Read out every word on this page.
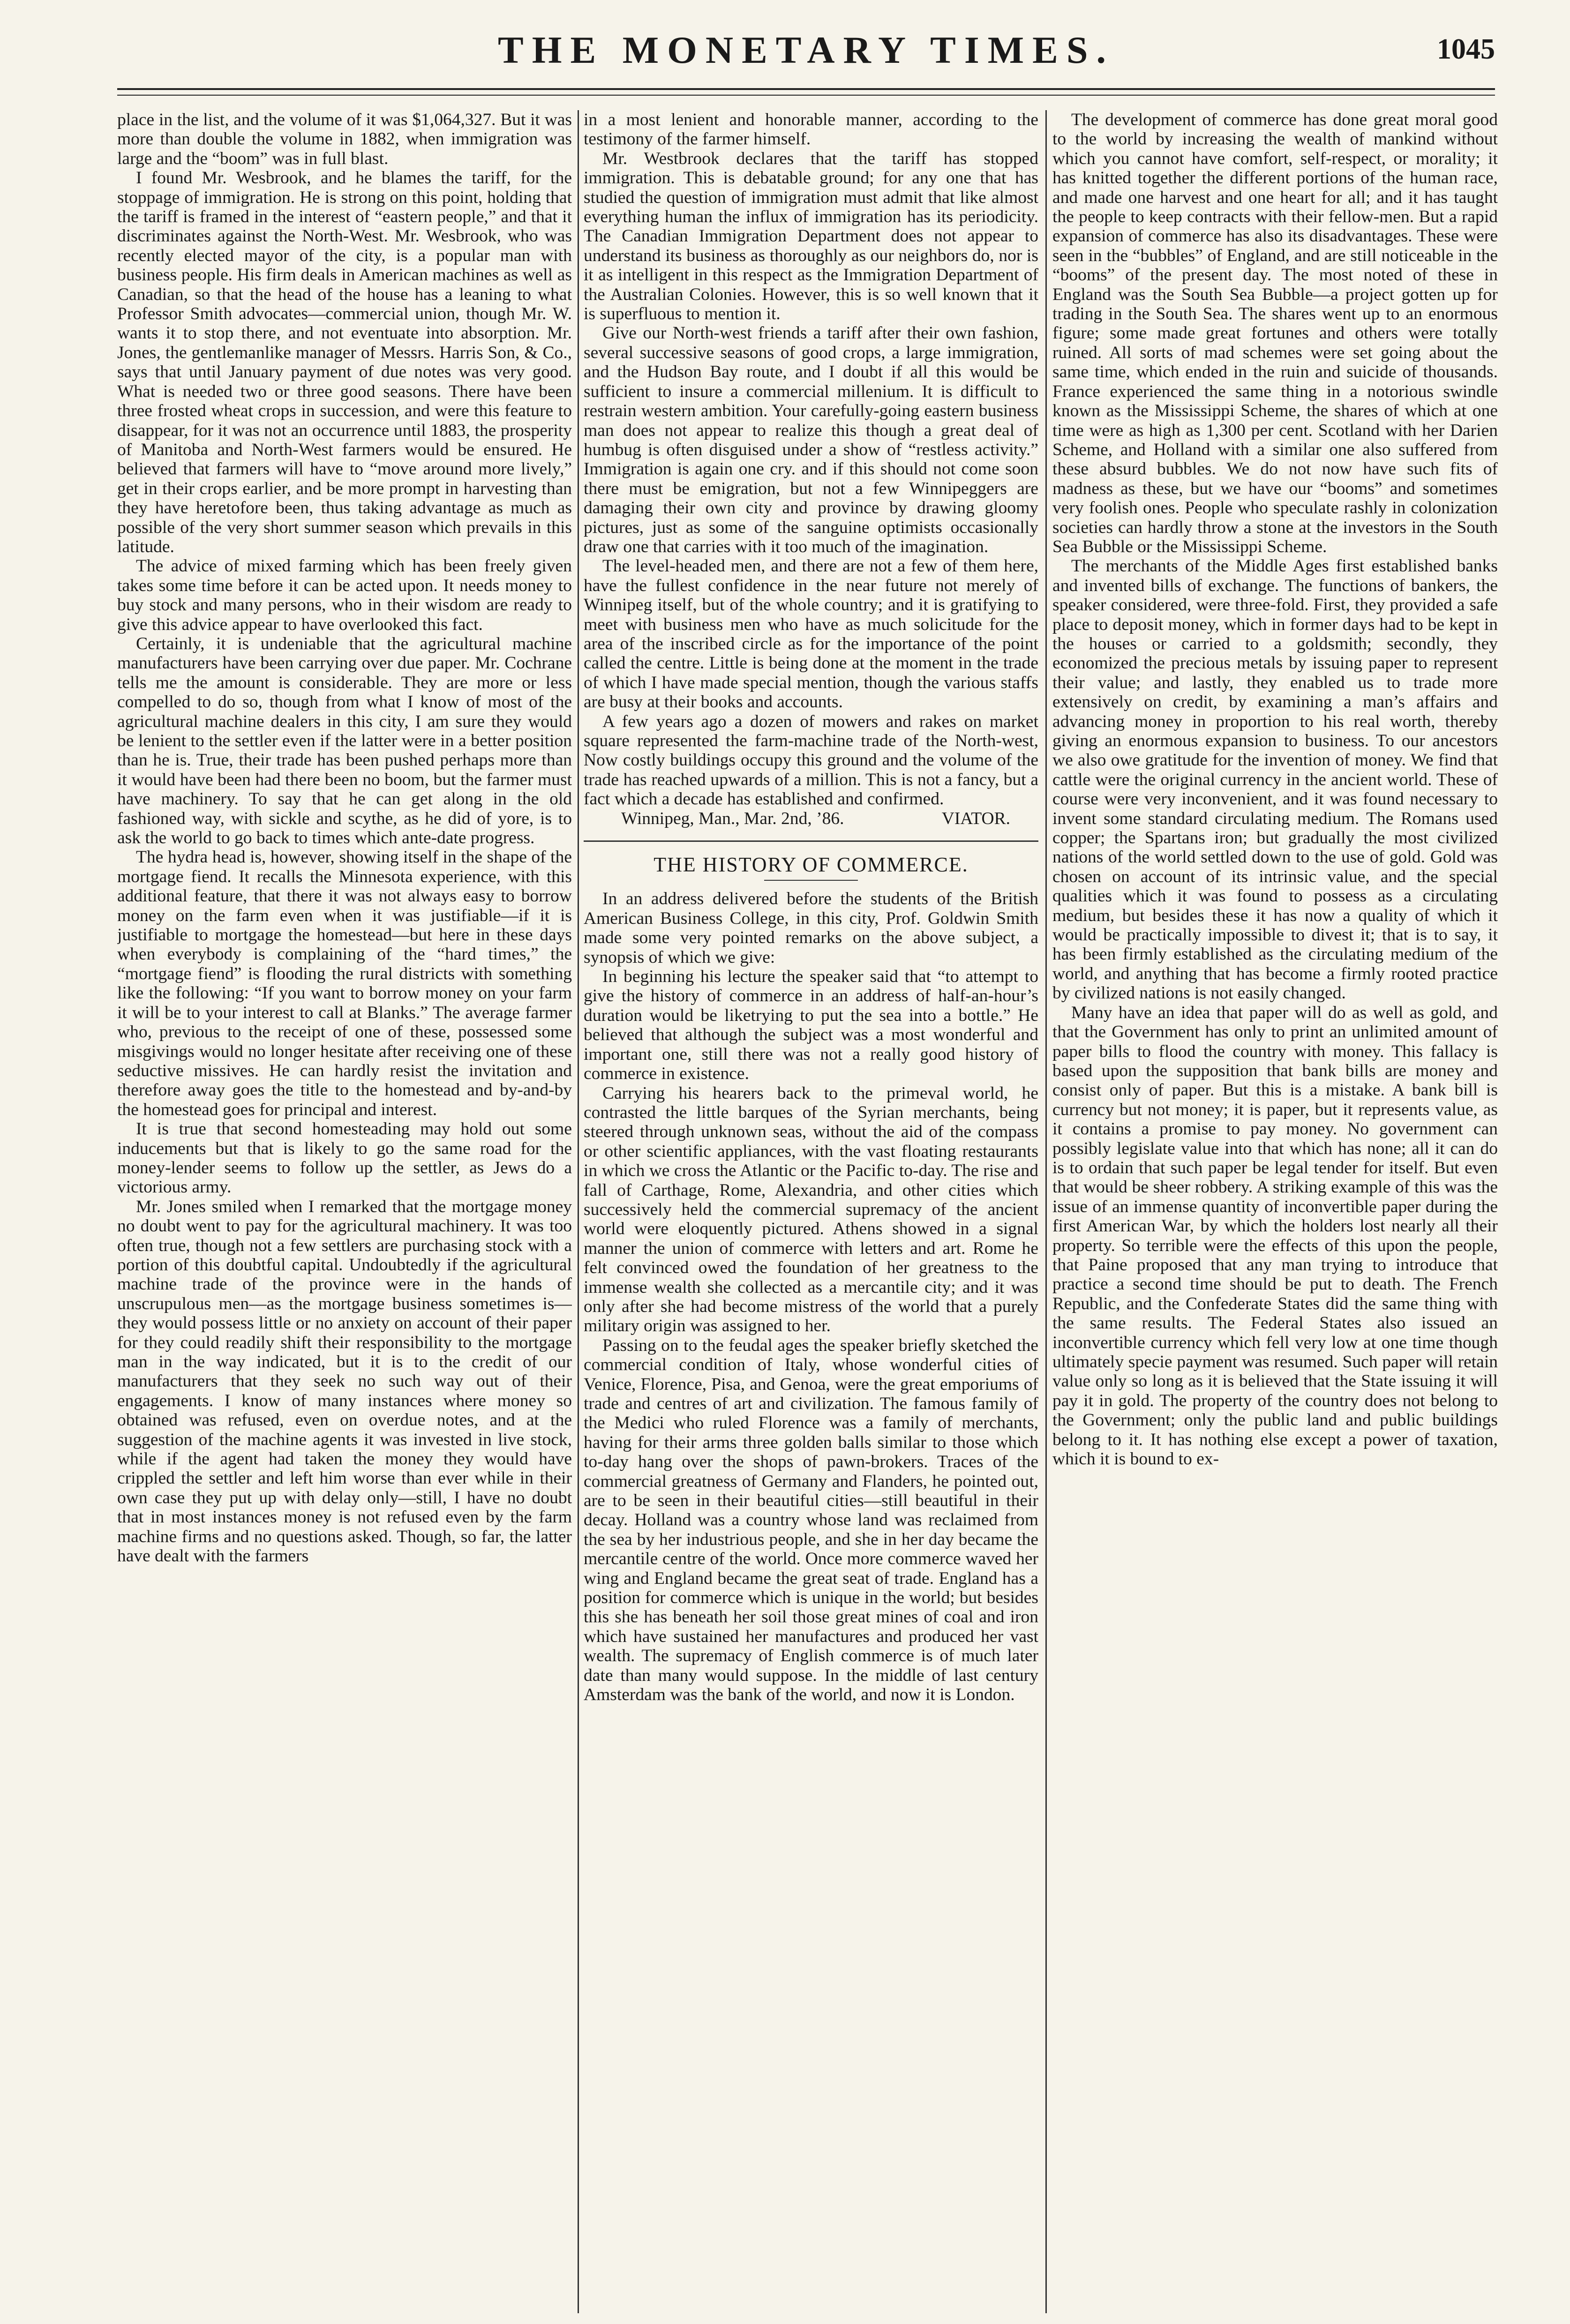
THE MONETARY TIMES.	1045

place in the list, and the volume of it was $1,064,327. But it was more than double the volume in 1882, when immigration was large and the “boom” was in full blast.

I found Mr. Wesbrook, and he blames the tariff, for the stoppage of immigration. He is strong on this point, holding that the tariff is framed in the interest of “eastern people,” and that it discriminates against the North-West. Mr. Wesbrook, who was recently elected mayor of the city, is a popular man with business people. His firm deals in American machines as well as Canadian, so that the head of the house has a leaning to what Professor Smith advocates—commercial union, though Mr. W. wants it to stop there, and not eventuate into absorption. Mr. Jones, the gentlemanlike manager of Messrs. Harris Son, & Co., says that until January payment of due notes was very good. What is needed two or three good seasons. There have been three frosted wheat crops in succession, and were this feature to disappear, for it was not an occurrence until 1883, the prosperity of Manitoba and North-West farmers would be ensured. He believed that farmers will have to “move around more lively,” get in their crops earlier, and be more prompt in harvesting than they have heretofore been, thus taking advantage as much as possible of the very short summer season which prevails in this latitude.

The advice of mixed farming which has been freely given takes some time before it can be acted upon. It needs money to buy stock and many persons, who in their wisdom are ready to give this advice appear to have overlooked this fact.

Certainly, it is undeniable that the agricultural machine manufacturers have been carrying over due paper. Mr. Cochrane tells me the amount is considerable. They are more or less compelled to do so, though from what I know of most of the agricultural machine dealers in this city, I am sure they would be lenient to the settler even if the latter were in a better position than he is. True, their trade has been pushed perhaps more than it would have been had there been no boom, but the farmer must have machinery. To say that he can get along in the old fashioned way, with sickle and scythe, as he did of yore, is to ask the world to go back to times which ante-date progress.

The hydra head is, however, showing itself in the shape of the mortgage fiend. It recalls the Minnesota experience, with this additional feature, that there it was not always easy to borrow money on the farm even when it was justifiable—if it is justifiable to mortgage the homestead—but here in these days when everybody is complaining of the “hard times,” the “mortgage fiend” is flooding the rural districts with something like the following: “If you want to borrow money on your farm it will be to your interest to call at Blanks.” The average farmer who, previous to the receipt of one of these, possessed some misgivings would no longer hesitate after receiving one of these seductive missives. He can hardly resist the invitation and therefore away goes the title to the homestead and by-and-by the homestead goes for principal and interest.

It is true that second homesteading may hold out some inducements but that is likely to go the same road for the money-lender seems to follow up the settler, as Jews do a victorious army.

Mr. Jones smiled when I remarked that the mortgage money no doubt went to pay for the agricultural machinery. It was too often true, though not a few settlers are purchasing stock with a portion of this doubtful capital. Undoubtedly if the agricultural machine trade of the province were in the hands of unscrupulous men—as the mortgage business sometimes is—they would possess little or no anxiety on account of their paper for they could readily shift their responsibility to the mortgage man in the way indicated, but it is to the credit of our manufacturers that they seek no such way out of their engagements. I know of many instances where money so obtained was refused, even on overdue notes, and at the suggestion of the machine agents it was invested in live stock, while if the agent had taken the money they would have crippled the settler and left him worse than ever while in their own case they put up with delay only—still, I have no doubt that in most instances money is not refused even by the farm machine firms and no questions asked. Though, so far, the latter have dealt with the farmers

in a most lenient and honorable manner, according to the testimony of the farmer himself.

Mr. Westbrook declares that the tariff has stopped immigration. This is debatable ground; for any one that has studied the question of immigration must admit that like almost everything human the influx of immigration has its periodicity. The Canadian Immigration Department does not appear to understand its business as thoroughly as our neighbors do, nor is it as intelligent in this respect as the Immigration Department of the Australian Colonies. However, this is so well known that it is superfluous to mention it.

Give our North-west friends a tariff after their own fashion, several successive seasons of good crops, a large immigration, and the Hudson Bay route, and I doubt if all this would be sufficient to insure a commercial millenium. It is difficult to restrain western ambition. Your carefully-going eastern business man does not appear to realize this though a great deal of humbug is often disguised under a show of “restless activity.” Immigration is again one cry. and if this should not come soon there must be emigration, but not a few Winnipeggers are damaging their own city and province by drawing gloomy pictures, just as some of the sanguine optimists occasionally draw one that carries with it too much of the imagination.

The level-headed men, and there are not a few of them here, have the fullest confidence in the near future not merely of Winnipeg itself, but of the whole country; and it is gratifying to meet with business men who have as much solicitude for the area of the inscribed circle as for the importance of the point called the centre. Little is being done at the moment in the trade of which I have made special mention, though the various staffs are busy at their books and accounts.

A few years ago a dozen of mowers and rakes on market square represented the farm-machine trade of the North-west, Now costly buildings occupy this ground and the volume of the trade has reached upwards of a million. This is not a fancy, but a fact which a decade has established and confirmed.

Winnipeg, Man., Mar. 2nd, ’86.	VIATOR.

THE HISTORY OF COMMERCE.

In an address delivered before the students of the British American Business College, in this city, Prof. Goldwin Smith made some very pointed remarks on the above subject, a synopsis of which we give:

In beginning his lecture the speaker said that “to attempt to give the history of commerce in an address of half-an-hour’s duration would be liketrying to put the sea into a bottle.” He believed that although the subject was a most wonderful and important one, still there was not a really good history of commerce in existence.

Carrying his hearers back to the primeval world, he contrasted the little barques of the Syrian merchants, being steered through unknown seas, without the aid of the compass or other scientific appliances, with the vast floating restaurants in which we cross the Atlantic or the Pacific to-day. The rise and fall of Carthage, Rome, Alexandria, and other cities which successively held the commercial supremacy of the ancient world were eloquently pictured. Athens showed in a signal manner the union of commerce with letters and art. Rome he felt convinced owed the foundation of her greatness to the immense wealth she collected as a mercantile city; and it was only after she had become mistress of the world that a purely military origin was assigned to her.

Passing on to the feudal ages the speaker briefly sketched the commercial condition of Italy, whose wonderful cities of Venice, Florence, Pisa, and Genoa, were the great emporiums of trade and centres of art and civilization. The famous family of the Medici who ruled Florence was a family of merchants, having for their arms three golden balls similar to those which to-day hang over the shops of pawn-brokers. Traces of the commercial greatness of Germany and Flanders, he pointed out, are to be seen in their beautiful cities—still beautiful in their decay. Holland was a country whose land was reclaimed from the sea by her industrious people, and she in her day became the mercantile centre of the world. Once more commerce waved her wing and England became the great seat of trade. England has a position for commerce which is unique in the world; but besides this she has beneath her soil those great mines of coal and iron which have sustained her manufactures and produced her vast wealth. The supremacy of English commerce is of much later date than many would suppose. In the middle of last century Amsterdam was the bank of the world, and now it is London.

The development of commerce has done great moral good to the world by increasing the wealth of mankind without which you cannot have comfort, self-respect, or morality; it has knitted together the different portions of the human race, and made one harvest and one heart for all; and it has taught the people to keep contracts with their fellow-men. But a rapid expansion of commerce has also its disadvantages. These were seen in the “bubbles” of England, and are still noticeable in the “booms” of the present day. The most noted of these in England was the South Sea Bubble—a project gotten up for trading in the South Sea. The shares went up to an enormous figure; some made great fortunes and others were totally ruined. All sorts of mad schemes were set going about the same time, which ended in the ruin and suicide of thousands. France experienced the same thing in a notorious swindle known as the Mississippi Scheme, the shares of which at one time were as high as 1,300 per cent. Scotland with her Darien Scheme, and Holland with a similar one also suffered from these absurd bubbles. We do not now have such fits of madness as these, but we have our “booms” and sometimes very foolish ones. People who speculate rashly in colonization societies can hardly throw a stone at the investors in the South Sea Bubble or the Mississippi Scheme.

The merchants of the Middle Ages first established banks and invented bills of exchange. The functions of bankers, the speaker considered, were three-fold. First, they provided a safe place to deposit money, which in former days had to be kept in the houses or carried to a goldsmith; secondly, they economized the precious metals by issuing paper to represent their value; and lastly, they enabled us to trade more extensively on credit, by examining a man’s affairs and advancing money in proportion to his real worth, thereby giving an enormous expansion to business. To our ancestors we also owe gratitude for the invention of money. We find that cattle were the original currency in the ancient world. These of course were very inconvenient, and it was found necessary to invent some standard circulating medium. The Romans used copper; the Spartans iron; but gradually the most civilized nations of the world settled down to the use of gold. Gold was chosen on account of its intrinsic value, and the special qualities which it was found to possess as a circulating medium, but besides these it has now a quality of which it would be practically impossible to divest it; that is to say, it has been firmly established as the circulating medium of the world, and anything that has become a firmly rooted practice by civilized nations is not easily changed.

Many have an idea that paper will do as well as gold, and that the Government has only to print an unlimited amount of paper bills to flood the country with money. This fallacy is based upon the supposition that bank bills are money and consist only of paper. But this is a mistake. A bank bill is currency but not money; it is paper, but it represents value, as it contains a promise to pay money. No government can possibly legislate value into that which has none; all it can do is to ordain that such paper be legal tender for itself. But even that would be sheer robbery. A striking example of this was the issue of an immense quantity of inconvertible paper during the first American War, by which the holders lost nearly all their property. So terrible were the effects of this upon the people, that Paine proposed that any man trying to introduce that practice a second time should be put to death. The French Republic, and the Confederate States did the same thing with the same results. The Federal States also issued an inconvertible currency which fell very low at one time though ultimately specie payment was resumed. Such paper will retain value only so long as it is believed that the State issuing it will pay it in gold. The property of the country does not belong to the Government; only the public land and public buildings belong to it. It has nothing else except a power of taxation, which it is bound to ex-
